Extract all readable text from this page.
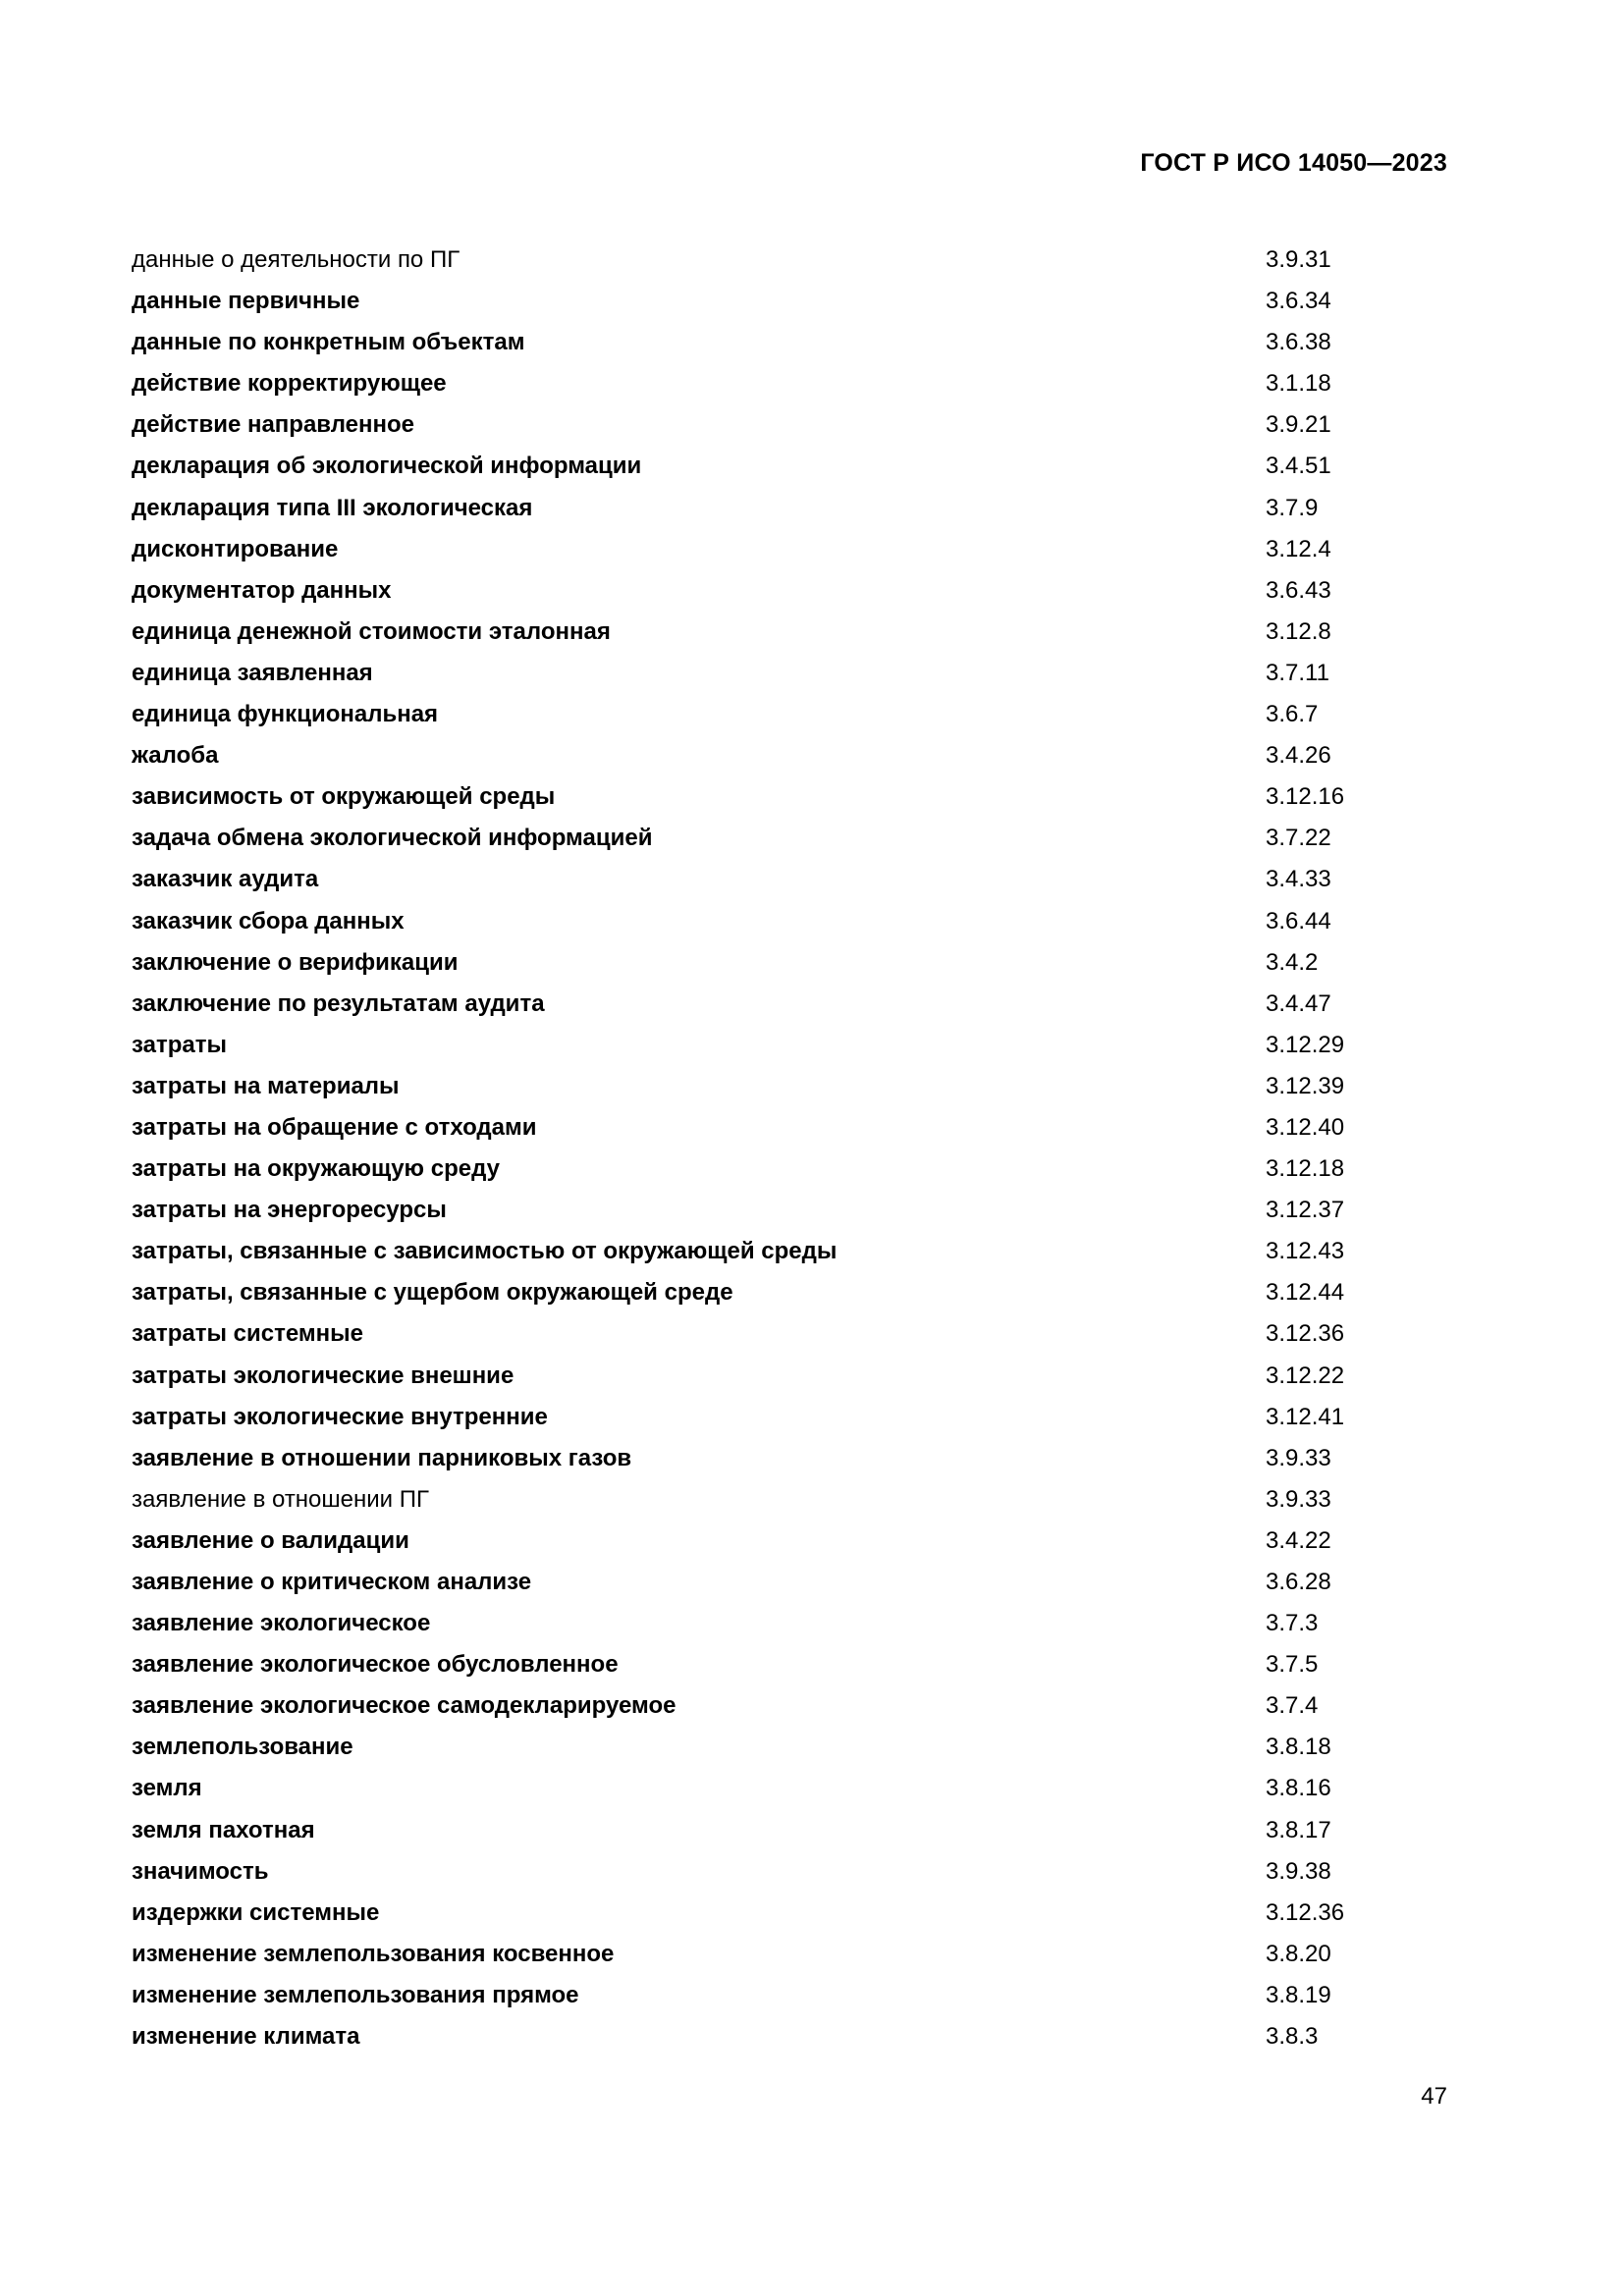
ГОСТ Р ИСО 14050—2023
данные о деятельности по ПГ	3.9.31
данные первичные	3.6.34
данные по конкретным объектам	3.6.38
действие корректирующее	3.1.18
действие направленное	3.9.21
декларация об экологической информации	3.4.51
декларация типа III экологическая	3.7.9
дисконтирование	3.12.4
документатор данных	3.6.43
единица денежной стоимости эталонная	3.12.8
единица заявленная	3.7.11
единица функциональная	3.6.7
жалоба	3.4.26
зависимость от окружающей среды	3.12.16
задача обмена экологической информацией	3.7.22
заказчик аудита	3.4.33
заказчик сбора данных	3.6.44
заключение о верификации	3.4.2
заключение по результатам аудита	3.4.47
затраты	3.12.29
затраты на материалы	3.12.39
затраты на обращение с отходами	3.12.40
затраты на окружающую среду	3.12.18
затраты на энергоресурсы	3.12.37
затраты, связанные с зависимостью от окружающей среды	3.12.43
затраты, связанные с ущербом окружающей среде	3.12.44
затраты системные	3.12.36
затраты экологические внешние	3.12.22
затраты экологические внутренние	3.12.41
заявление в отношении парниковых газов	3.9.33
заявление в отношении ПГ	3.9.33
заявление о валидации	3.4.22
заявление о критическом анализе	3.6.28
заявление экологическое	3.7.3
заявление экологическое обусловленное	3.7.5
заявление экологическое самодекларируемое	3.7.4
землепользование	3.8.18
земля	3.8.16
земля пахотная	3.8.17
значимость	3.9.38
издержки системные	3.12.36
изменение землепользования косвенное	3.8.20
изменение землепользования прямое	3.8.19
изменение климата	3.8.3
47
